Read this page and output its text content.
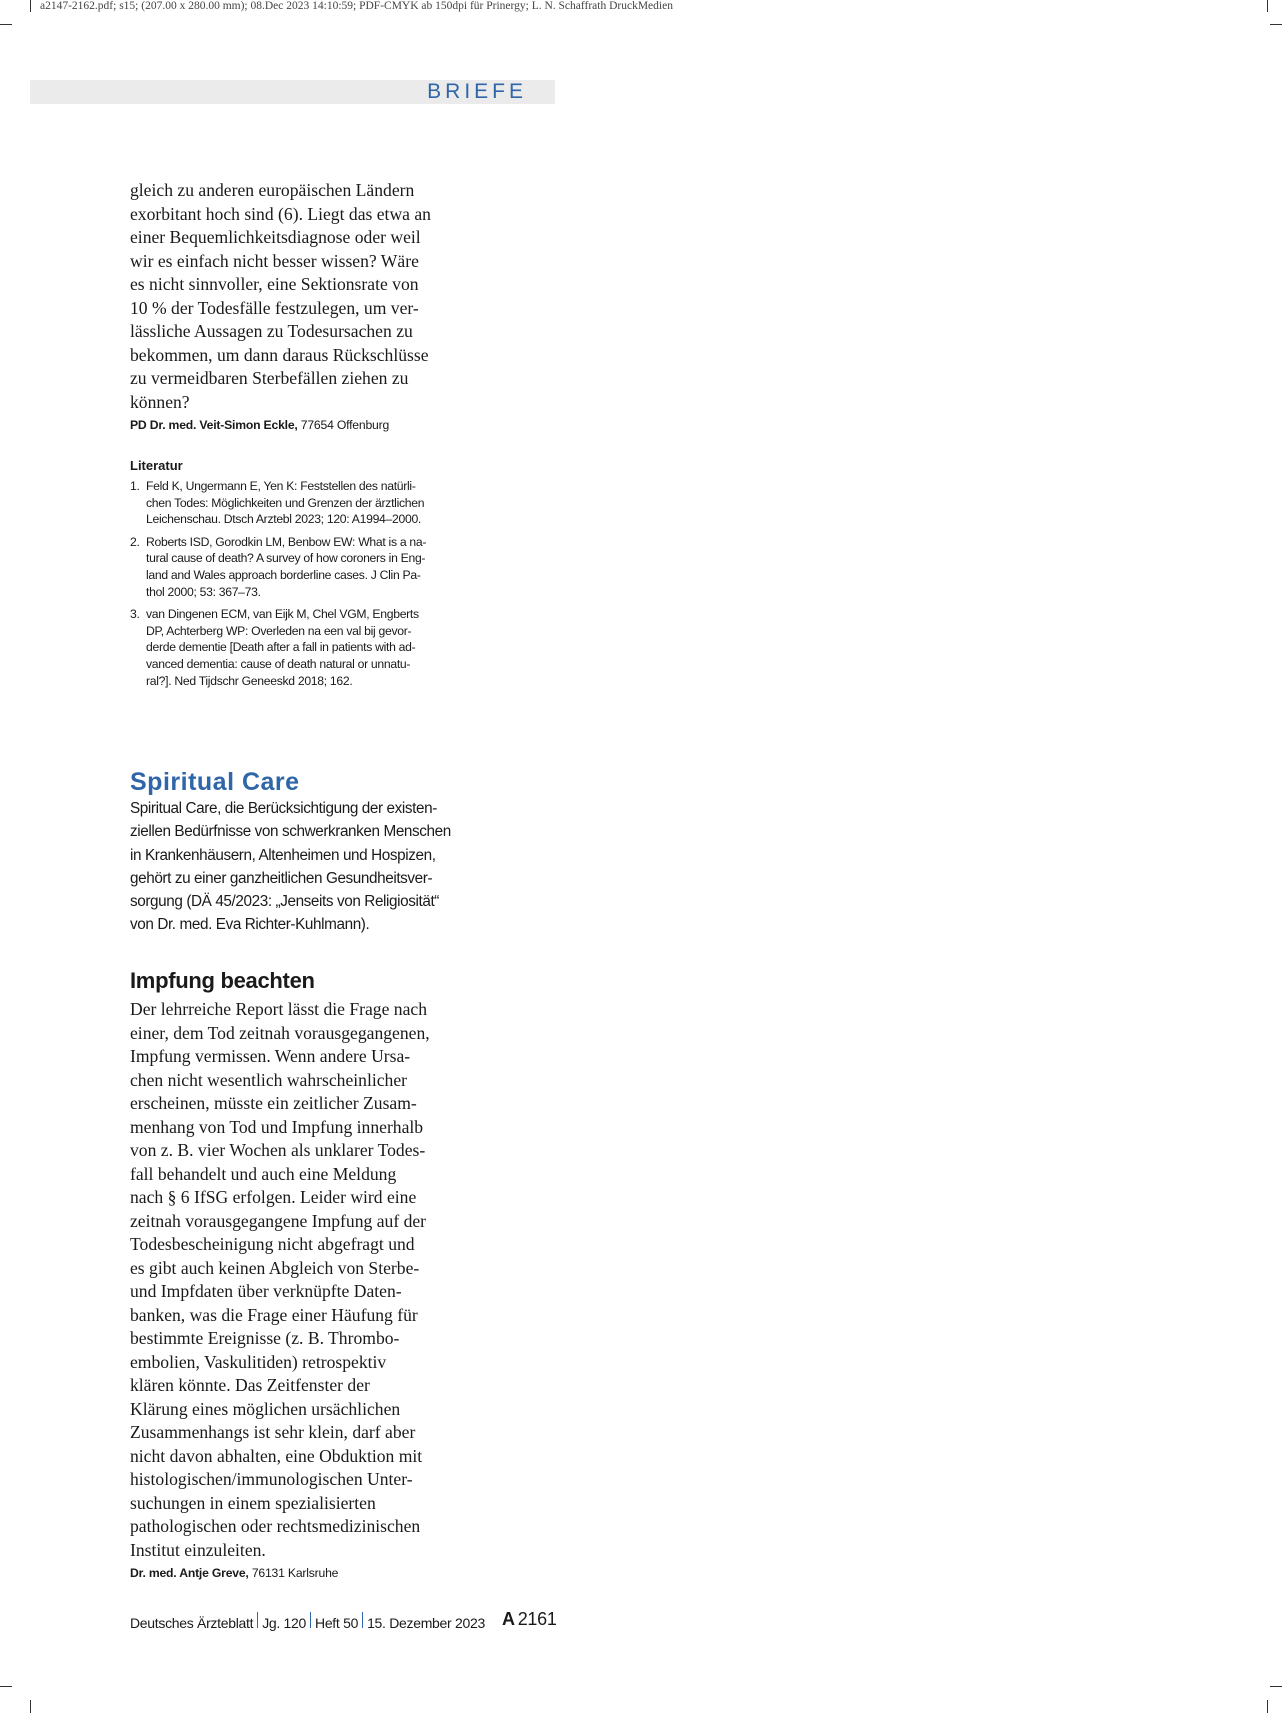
a2147-2162.pdf; s15; (207.00 x 280.00 mm); 08.Dec 2023 14:10:59; PDF-CMYK ab 150dpi für Prinergy; L. N. Schaffrath DruckMedien
BRIEFE

gleich zu anderen europäischen Ländern
exorbitant hoch sind (6). Liegt das etwa an
einer Bequemlichkeitsdiagnose oder weil
wir es einfach nicht besser wissen? Wäre
es nicht sinnvoller, eine Sektionsrate von
10 % der Todesfälle festzulegen, um ver-
lässliche Aussagen zu Todesursachen zu
bekommen, um dann daraus Rückschlüsse
zu vermeidbaren Sterbefällen ziehen zu
können?

PD Dr. med. Veit-Simon Eckle, 77654 Offenburg

Literatur

1. Feld K, Ungermann E, Yen K: Feststellen des natürli-
chen Todes: Möglichkeiten und Grenzen der ärztlichen
Leichenschau. Dtsch Arztebl 2023; 120: A1994–2000.
2. Roberts ISD, Gorodkin LM, Benbow EW: What is a na-
tural cause of death? A survey of how coroners in Eng-
land and Wales approach borderline cases. J Clin Pa-
thol 2000; 53: 367–73.
3. van Dingenen ECM, van Eijk M, Chel VGM, Engberts
DP, Achterberg WP: Overleden na een val bij gevor-
derde dementie [Death after a fall in patients with ad-
vanced dementia: cause of death natural or unnatu-
ral?]. Ned Tijdschr Geneeskd 2018; 162.
Spiritual Care

Spiritual Care, die Berücksichtigung der existen-
ziellen Bedürfnisse von schwerkranken Menschen
in Krankenhäusern, Altenheimen und Hospizen,
gehört zu einer ganzheitlichen Gesundheitsver-
sorgung (DÄ 45/2023: „Jenseits von Religiosität“
von Dr. med. Eva Richter-Kuhlmann).

Impfung beachten

Der lehrreiche Report lässt die Frage nach
einer, dem Tod zeitnah vorausgegangenen,
Impfung vermissen. Wenn andere Ursa-
chen nicht wesentlich wahrscheinlicher
erscheinen, müsste ein zeitlicher Zusam-
menhang von Tod und Impfung innerhalb
von z. B. vier Wochen als unklarer Todes-
fall behandelt und auch eine Meldung
nach § 6 IfSG erfolgen. Leider wird eine
zeitnah vorausgegangene Impfung auf der
Todesbescheinigung nicht abgefragt und
es gibt auch keinen Abgleich von Sterbe-
und Impfdaten über verknüpfte Daten-
banken, was die Frage einer Häufung für
bestimmte Ereignisse (z. B. Thrombo-
embolien, Vaskulitiden) retrospektiv
klären könnte. Das Zeitfenster der
Klärung eines möglichen ursächlichen
Zusammenhangs ist sehr klein, darf aber
nicht davon abhalten, eine Obduktion mit
histologischen/immunologischen Unter-
suchungen in einem spezialisierten
pathologischen oder rechtsmedizinischen
Institut einzuleiten.

Dr. med. Antje Greve, 76131 Karlsruhe

Deutsches Ärzteblatt Jg. 120 Heft 50 15. Dezember 2023 A 2161
